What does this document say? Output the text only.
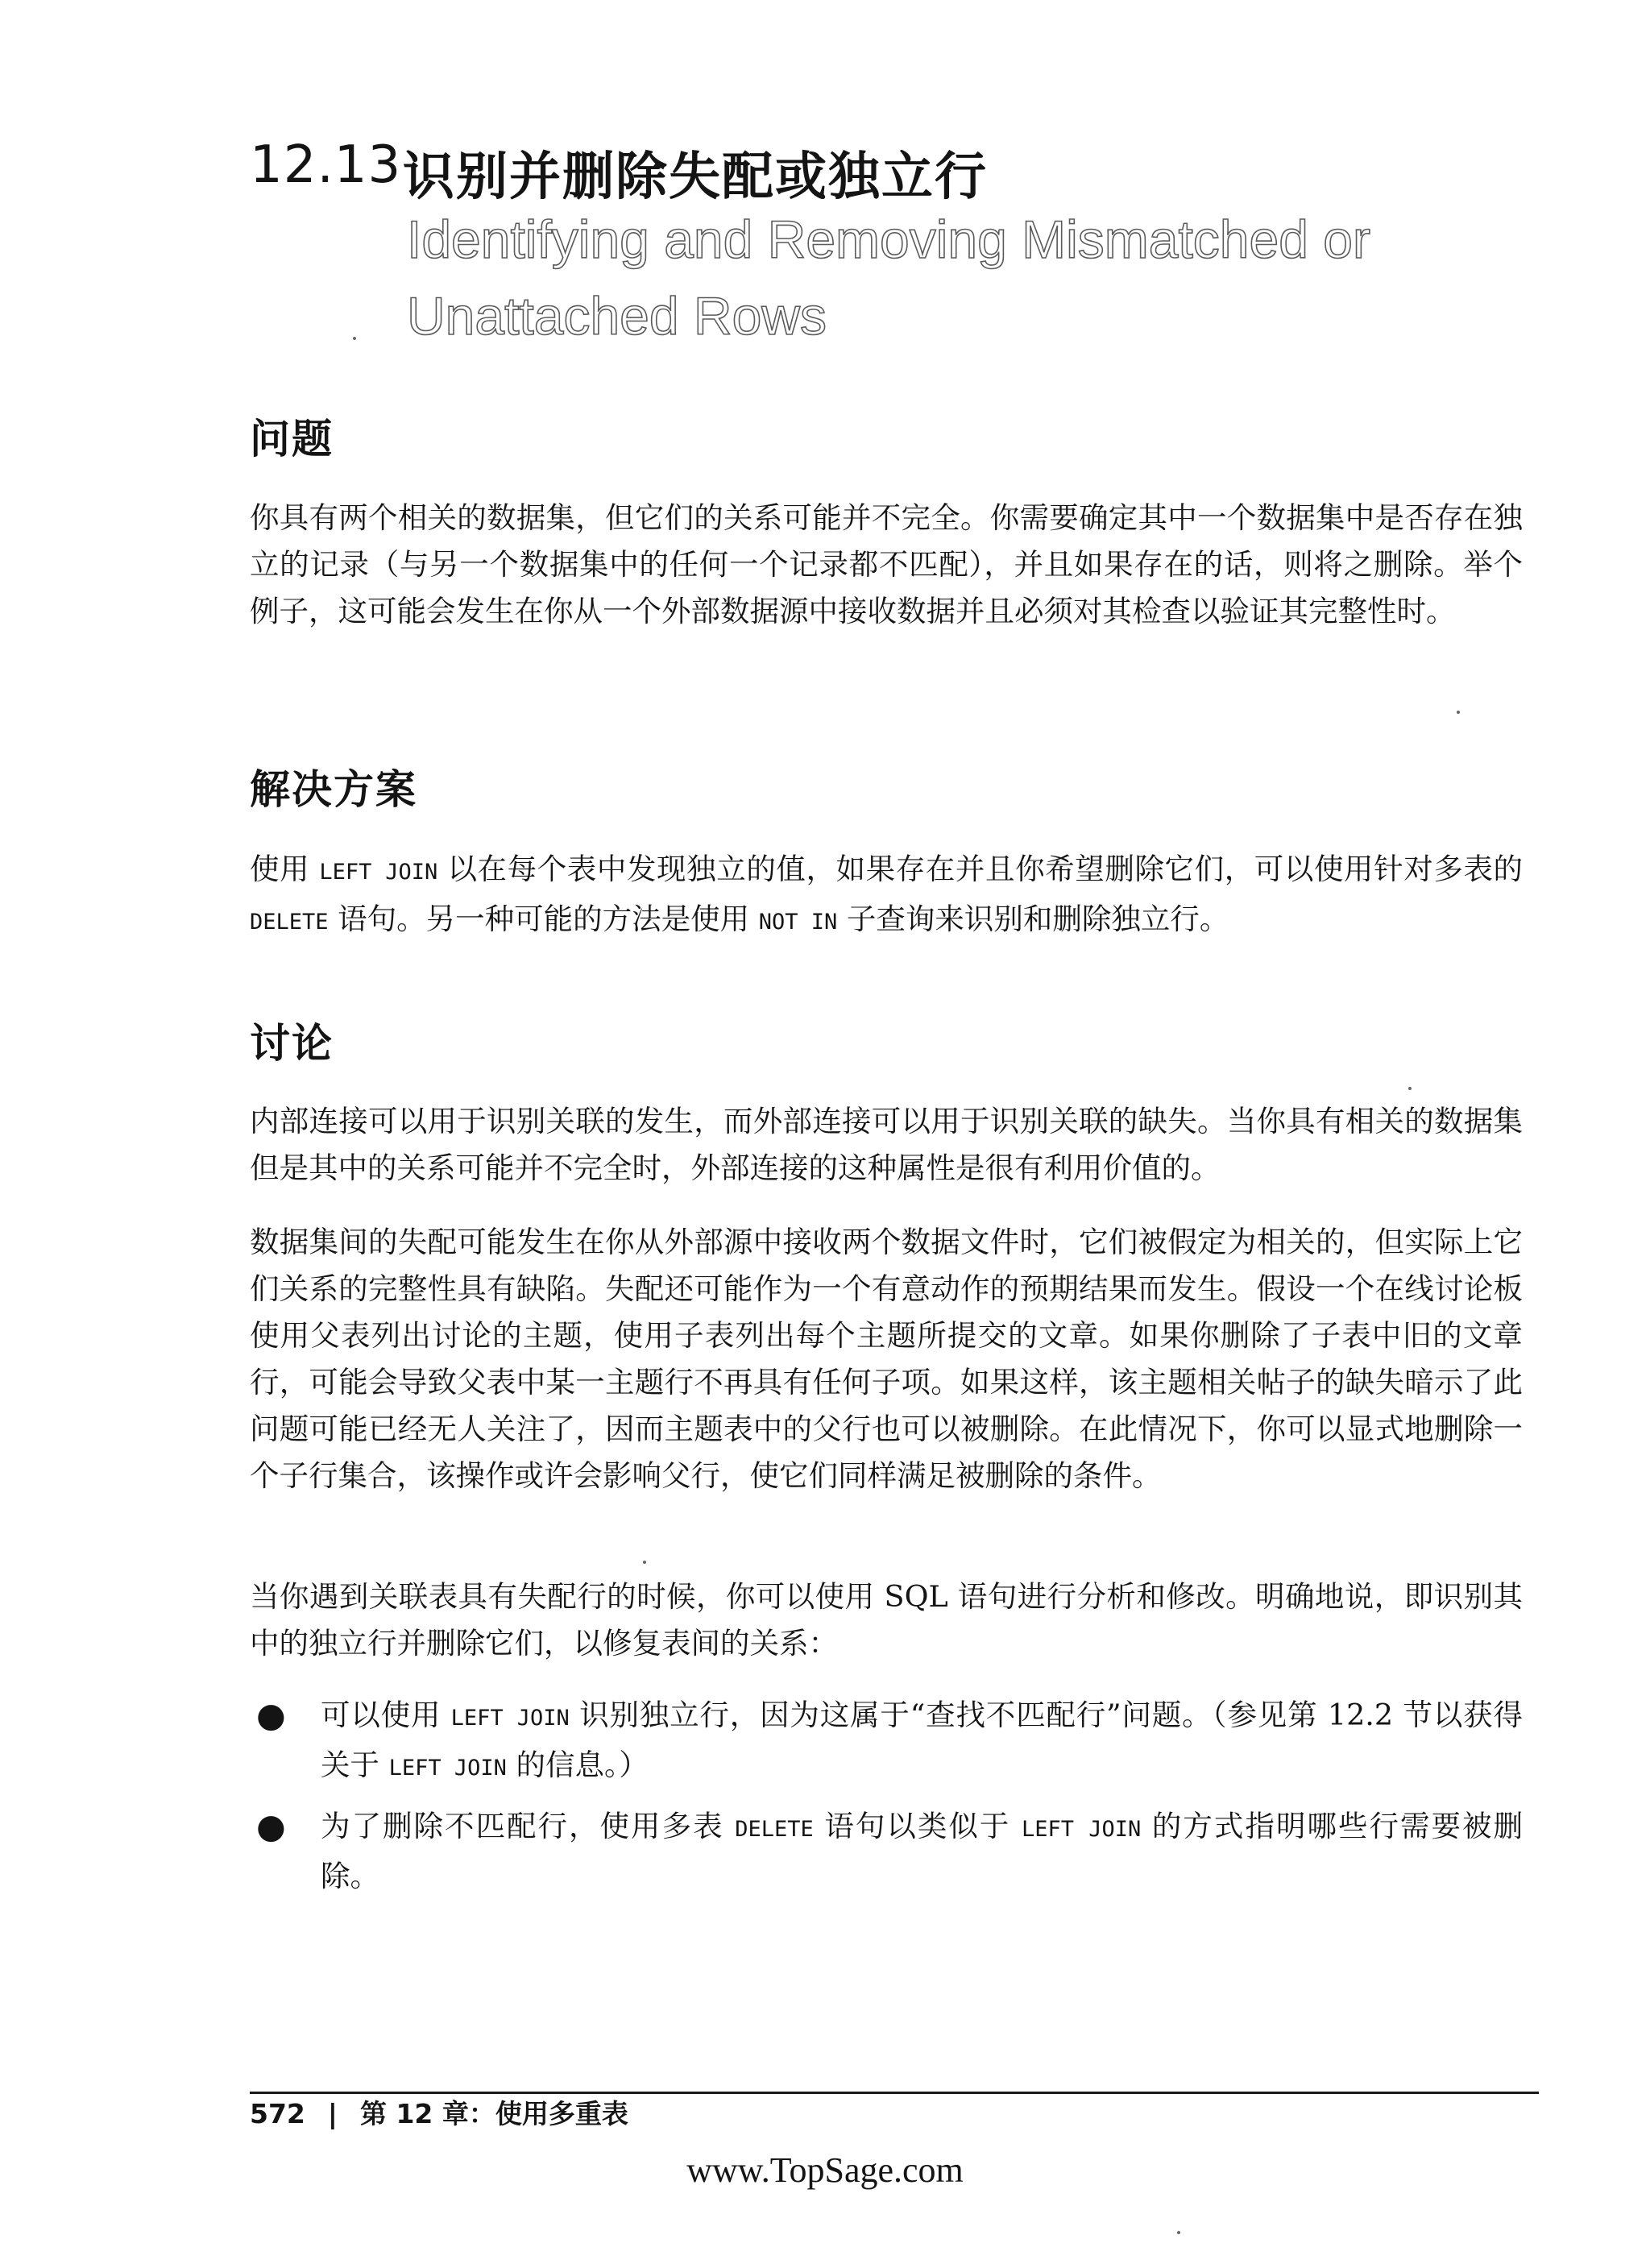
12.13 识别并删除失配或独立行
Identifying and Removing Mismatched or
Unattached Rows
问题

你具有两个相关的数据集，但它们的关系可能并不完全。你需要确定其中一个数据集中是否存在独立的记录（与另一个数据集中的任何一个记录都不匹配），并且如果存在的话，则将之删除。举个例子，这可能会发生在你从一个外部数据源中接收数据并且必须对其检查以验证其完整性时。

解决方案

使用 LEFT JOIN 以在每个表中发现独立的值，如果存在并且你希望删除它们，可以使用针对多表的 DELETE 语句。另一种可能的方法是使用 NOT IN 子查询来识别和删除独立行。

讨论

内部连接可以用于识别关联的发生，而外部连接可以用于识别关联的缺失。当你具有相关的数据集但是其中的关系可能并不完全时，外部连接的这种属性是很有利用价值的。

数据集间的失配可能发生在你从外部源中接收两个数据文件时，它们被假定为相关的，但实际上它们关系的完整性具有缺陷。失配还可能作为一个有意动作的预期结果而发生。假设一个在线讨论板使用父表列出讨论的主题，使用子表列出每个主题所提交的文章。如果你删除了子表中旧的文章行，可能会导致父表中某一主题行不再具有任何子项。如果这样，该主题相关帖子的缺失暗示了此问题可能已经无人关注了，因而主题表中的父行也可以被删除。在此情况下，你可以显式地删除一个子行集合，该操作或许会影响父行，使它们同样满足被删除的条件。

当你遇到关联表具有失配行的时候，你可以使用 SQL 语句进行分析和修改。明确地说，即识别其中的独立行并删除它们，以修复表间的关系：

● 可以使用 LEFT JOIN 识别独立行，因为这属于“查找不匹配行”问题。（参见第 12.2 节以获得关于 LEFT JOIN 的信息。）

● 为了删除不匹配行，使用多表 DELETE 语句以类似于 LEFT JOIN 的方式指明哪些行需要被删除。

572 | 第 12 章：使用多重表
www.TopSage.com
